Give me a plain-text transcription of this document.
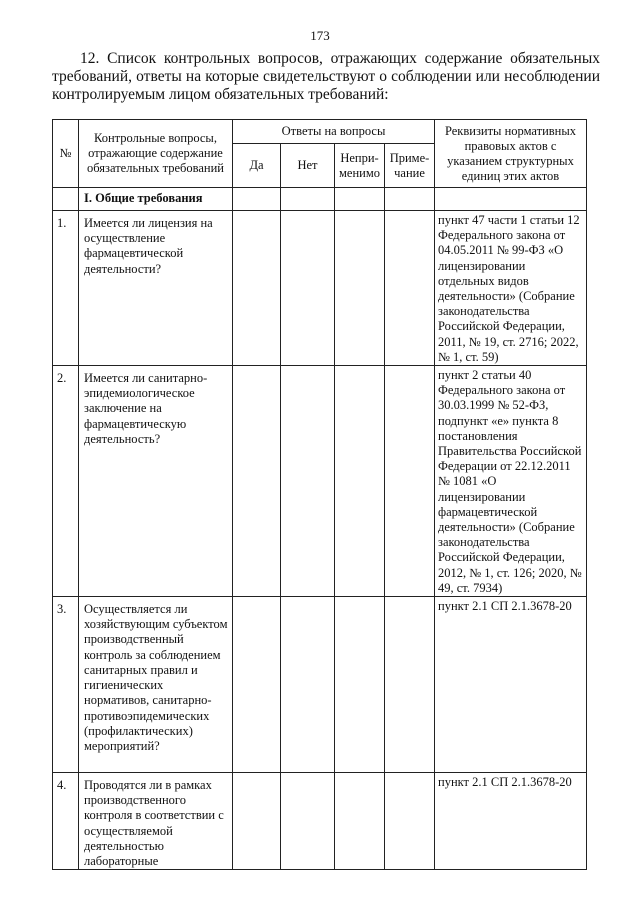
173

12. Список контрольных вопросов, отражающих содержание обязательных требований, ответы на которые свидетельствуют о соблюдении или несоблюдении контролируемым лицом обязательных требований:

№	Контрольные вопросы, отражающие содержание обязательных требований	Ответы на вопросы				Реквизиты нормативных правовых актов с указанием структурных единиц этих актов
		Да	Нет	Непри-менимо	Приме-чание	
	I. Общие требования					
1.	Имеется ли лицензия на осуществление фармацевтической деятельности?					пункт 47 части 1 статьи 12 Федерального закона от 04.05.2011 № 99-ФЗ «О лицензировании отдельных видов деятельности» (Собрание законодательства Российской Федерации, 2011, № 19, ст. 2716; 2022, № 1, ст. 59)
2.	Имеется ли санитарно-эпидемиологическое заключение на фармацевтическую деятельность?					пункт 2 статьи 40 Федерального закона от 30.03.1999 № 52-ФЗ, подпункт «е» пункта 8 постановления Правительства Российской Федерации от 22.12.2011 № 1081 «О лицензировании фармацевтической деятельности» (Собрание законодательства Российской Федерации, 2012, № 1, ст. 126; 2020, № 49, ст. 7934)
3.	Осуществляется ли хозяйствующим субъектом производственный контроль за соблюдением санитарных правил и гигиенических нормативов, санитарно-противоэпидемических (профилактических) мероприятий?					пункт 2.1 СП 2.1.3678-20
4.	Проводятся ли в рамках производственного контроля в соответствии с осуществляемой деятельностью лабораторные					пункт 2.1 СП 2.1.3678-20
